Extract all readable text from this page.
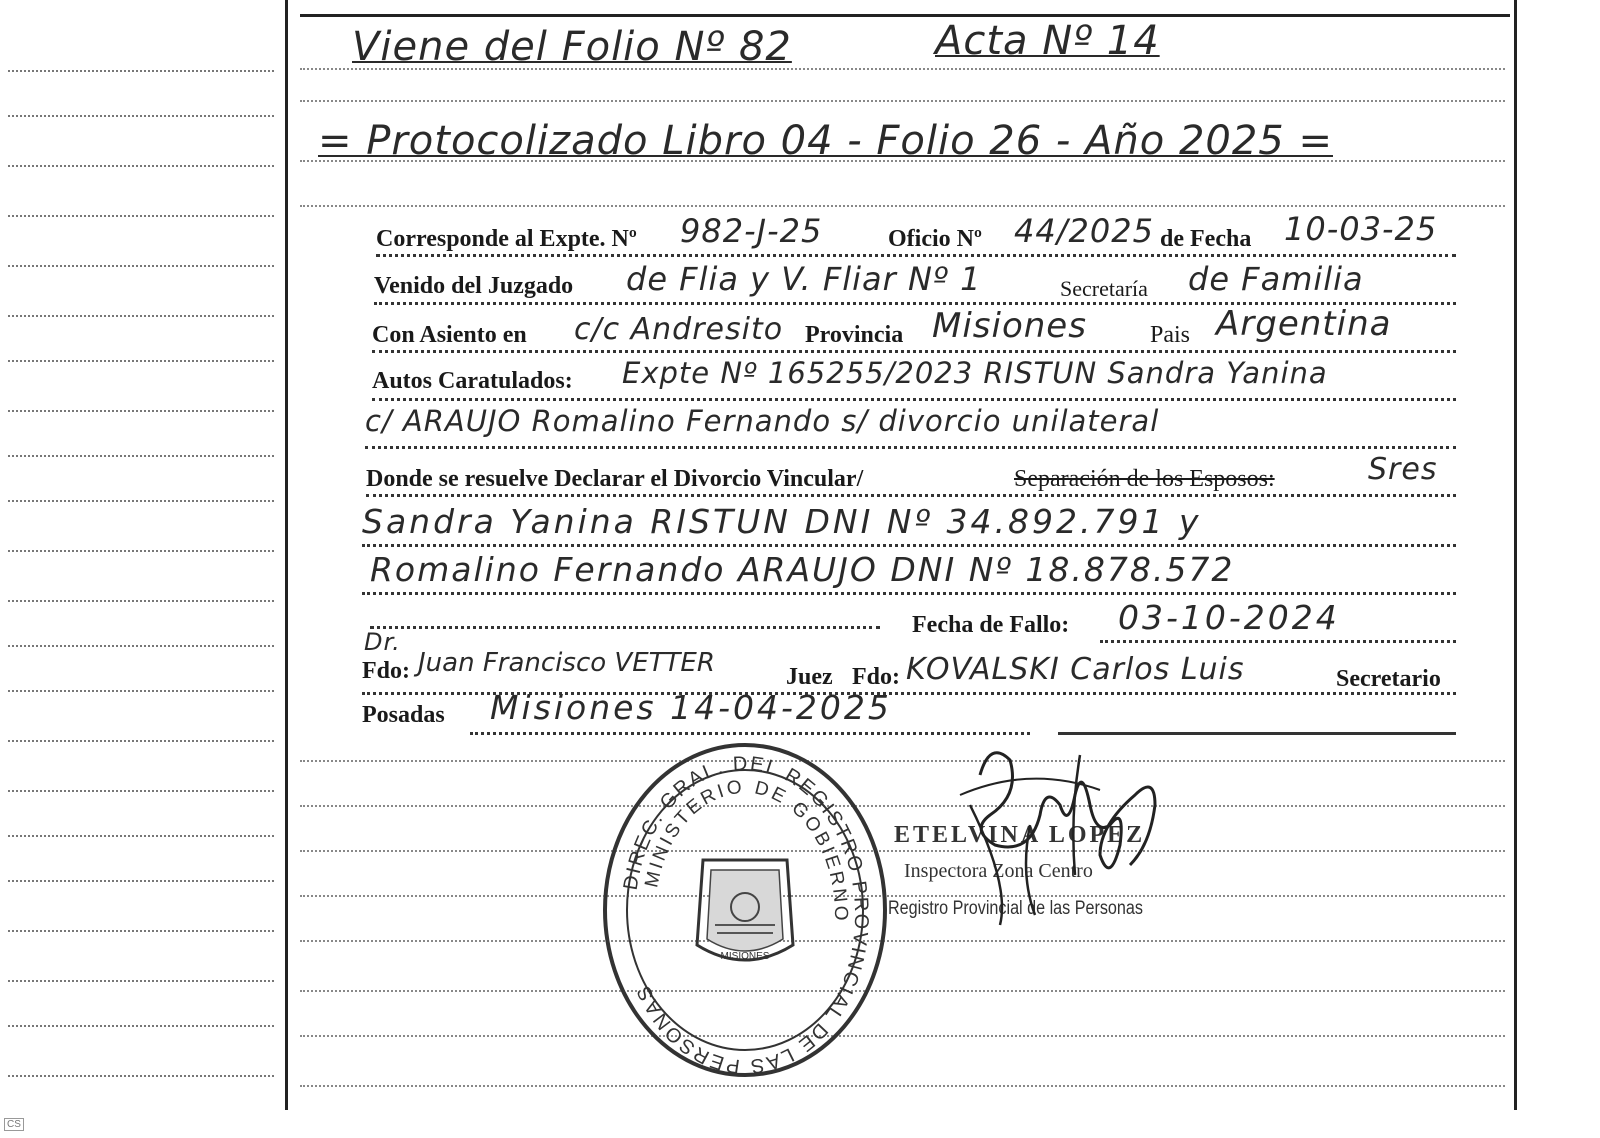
Viene del Folio Nº 82	Acta Nº 14
= Protocolizado Libro 04 - Folio 26 - Año 2025 =
Corresponde al Expte. Nº 982-J-25	Oficio Nº 44/2025 de Fecha 10-03-25
Venido del Juzgado de Flia y V. Fliar Nº 1	Secretaría de Familia
Con Asiento en c/c Andresito Provincia Misiones	Pais Argentina
Autos Caratulados: Expte Nº 165255/2023 RISTUN Sandra Yanina
c/ ARAUJO Romalino Fernando s/ divorcio unilateral
Donde se resuelve Declarar el Divorcio Vincular/	Separación de los Esposos:	Sres
Sandra Yanina RISTUN DNI Nº 34.892.791 y
Romalino Fernando ARAUJO DNI Nº 18.878.572
Fecha de Fallo: 03-10-2024
Dr.
Fdo: Juan Francisco VETTER	Juez Fdo: KOVALSKI Carlos Luis	Secretario
Posadas Misiones 14-04-2025
DIREC. GRAL. DEL REGISTRO PROVINCIAL DE LAS PERSONAS
MINISTERIO DE GOBIERNO
MISIONES
ETELVINA LOPEZ
Inspectora Zona Centro
Registro Provincial de las Personas
CS
